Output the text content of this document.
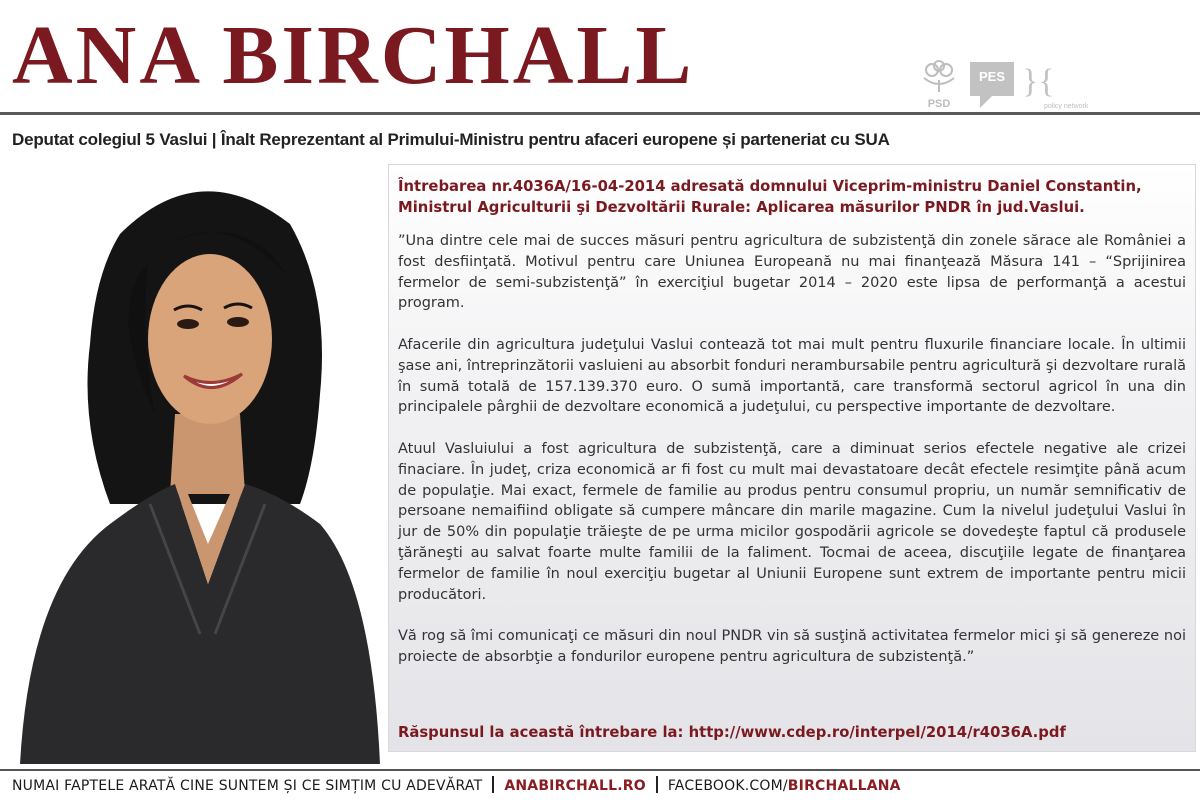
ANA BIRCHALL
PSD
PES }{
policy network
Deputat colegiul 5 Vaslui | Înalt Reprezentant al Primului-Ministru pentru afaceri europene și parteneriat cu SUA
Întrebarea nr.4036A/16-04-2014 adresată domnului Viceprim-ministru Daniel Constantin, Ministrul Agriculturii şi Dezvoltării Rurale: Aplicarea măsurilor PNDR în jud.Vaslui.

”Una dintre cele mai de succes măsuri pentru agricultura de subzistenţă din zonele sărace ale României a fost desfiinţată. Motivul pentru care Uniunea Europeană nu mai finanţează Măsura 141 – “Sprijinirea fermelor de semi-subzistenţă” în exerciţiul bugetar 2014 – 2020 este lipsa de performanţă a acestui program.

Afacerile din agricultura judeţului Vaslui contează tot mai mult pentru fluxurile financiare locale. În ultimii şase ani, întreprinzătorii vasluieni au absorbit fonduri nerambursabile pentru agricultură şi dezvoltare rurală în sumă totală de 157.139.370 euro. O sumă importantă, care transformă sectorul agricol în una din principalele pârghii de dezvoltare economică a judeţului, cu perspective importante de dezvoltare.

Atuul Vasluiului a fost agricultura de subzistenţă, care a diminuat serios efectele negative ale crizei finaciare. În judeţ, criza economică ar fi fost cu mult mai devastatoare decât efectele resimţite până acum de populaţie. Mai exact, fermele de familie au produs pentru consumul propriu, un număr semnificativ de persoane nemaifiind obligate să cumpere mâncare din marile magazine. Cum la nivelul judeţului Vaslui în jur de 50% din populaţie trăieşte de pe urma micilor gospodării agricole se dovedeşte faptul că produsele ţărăneşti au salvat foarte multe familii de la faliment. Tocmai de aceea, discuţiile legate de finanţarea fermelor de familie în noul exerciţiu bugetar al Uniunii Europene sunt extrem de importante pentru micii producători.

Vă rog să îmi comunicaţi ce măsuri din noul PNDR vin să susţină activitatea fermelor mici şi să genereze noi proiecte de absorbţie a fondurilor europene pentru agricultura de subzistenţă.”

Răspunsul la această întrebare la: http://www.cdep.ro/interpel/2014/r4036A.pdf
NUMAI FAPTELE ARATĂ CINE SUNTEM ȘI CE SIMȚIM CU ADEVĂRAT ANABIRCHALL.RO FACEBOOK.COM/BIRCHALLANA
